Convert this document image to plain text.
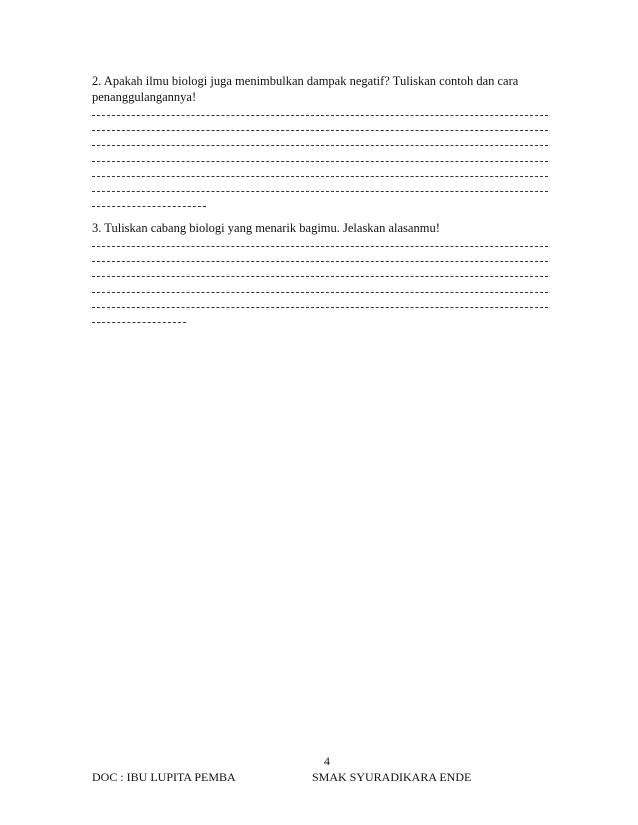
2. Apakah ilmu biologi juga menimbulkan dampak negatif? Tuliskan contoh dan cara penanggulangannya!

3. Tuliskan cabang biologi yang menarik bagimu. Jelaskan alasanmu!

4
DOC : IBU LUPITA PEMBA	SMAK SYURADIKARA ENDE
